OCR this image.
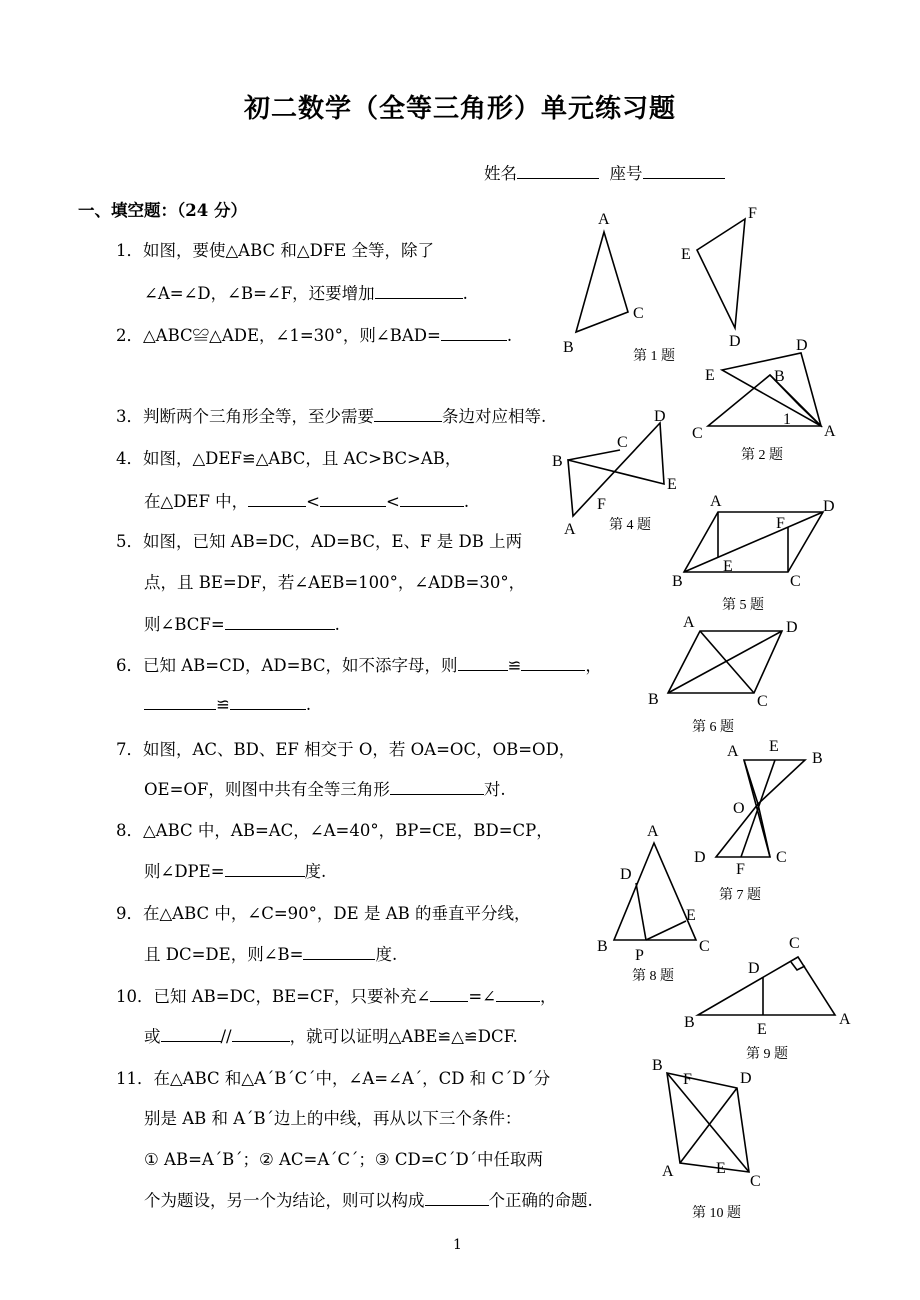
初二数学（全等三角形）单元练习题
姓名	座号
一、填空题：（24 分）
1．如图，要使△ABC 和△DFE 全等，除了
∠A=∠D，∠B=∠F，还要增加	.
2．△ABC≌△ADE，∠1=30°，则∠BAD=	.
3．判断两个三角形全等，至少需要	条边对应相等.
4．如图，△DEF≌△ABC，且 AC>BC>AB，
在△DEF 中，	<	<	.
5．如图，已知 AB=DC，AD=BC，E、F 是 DB 上两
点，且 BE=DF，若∠AEB=100°，∠ADB=30°，
则∠BCF=	.
6．已知 AB=CD，AD=BC，如不添字母，则	≌	，
≌	.
7．如图，AC、BD、EF 相交于 O，若 OA=OC，OB=OD，
OE=OF，则图中共有全等三角形	对.
8．△ABC 中，AB=AC，∠A=40°，BP=CE，BD=CP，
则∠DPE=	度.
9．在△ABC 中，∠C=90°，DE 是 AB 的垂直平分线，
且 DC=DE，则∠B=	度.
10．已知 AB=DC，BE=CF，只要补充∠ =∠	，
或	//	，就可以证明△ABE≌△≌DCF.
11．在△ABC 和△A´B´C´中，∠A=∠A´，CD 和 C´D´分
别是 AB 和 A´B´边上的中线，再从以下三个条件：
① AB=A´B´；② AC=A´C´；③ CD=C´D´中任取两
个为题设，另一个为结论，则可以构成	个正确的命题.
1
A
B
C
F
E
D
第 1 题
D
E	B
C	A
1
第 2 题
D
C
B
E
F
A 第 4 题
A	D
F
E
B	C
第 5 题
A	D
B	C
第 6 题
A E
B
O
D
F
C
第 7 题
A
D
E
B
P
C
第 8 题
C
D
B	E
A
第 9 题
B
F	D
A	E
C
第 10 题
